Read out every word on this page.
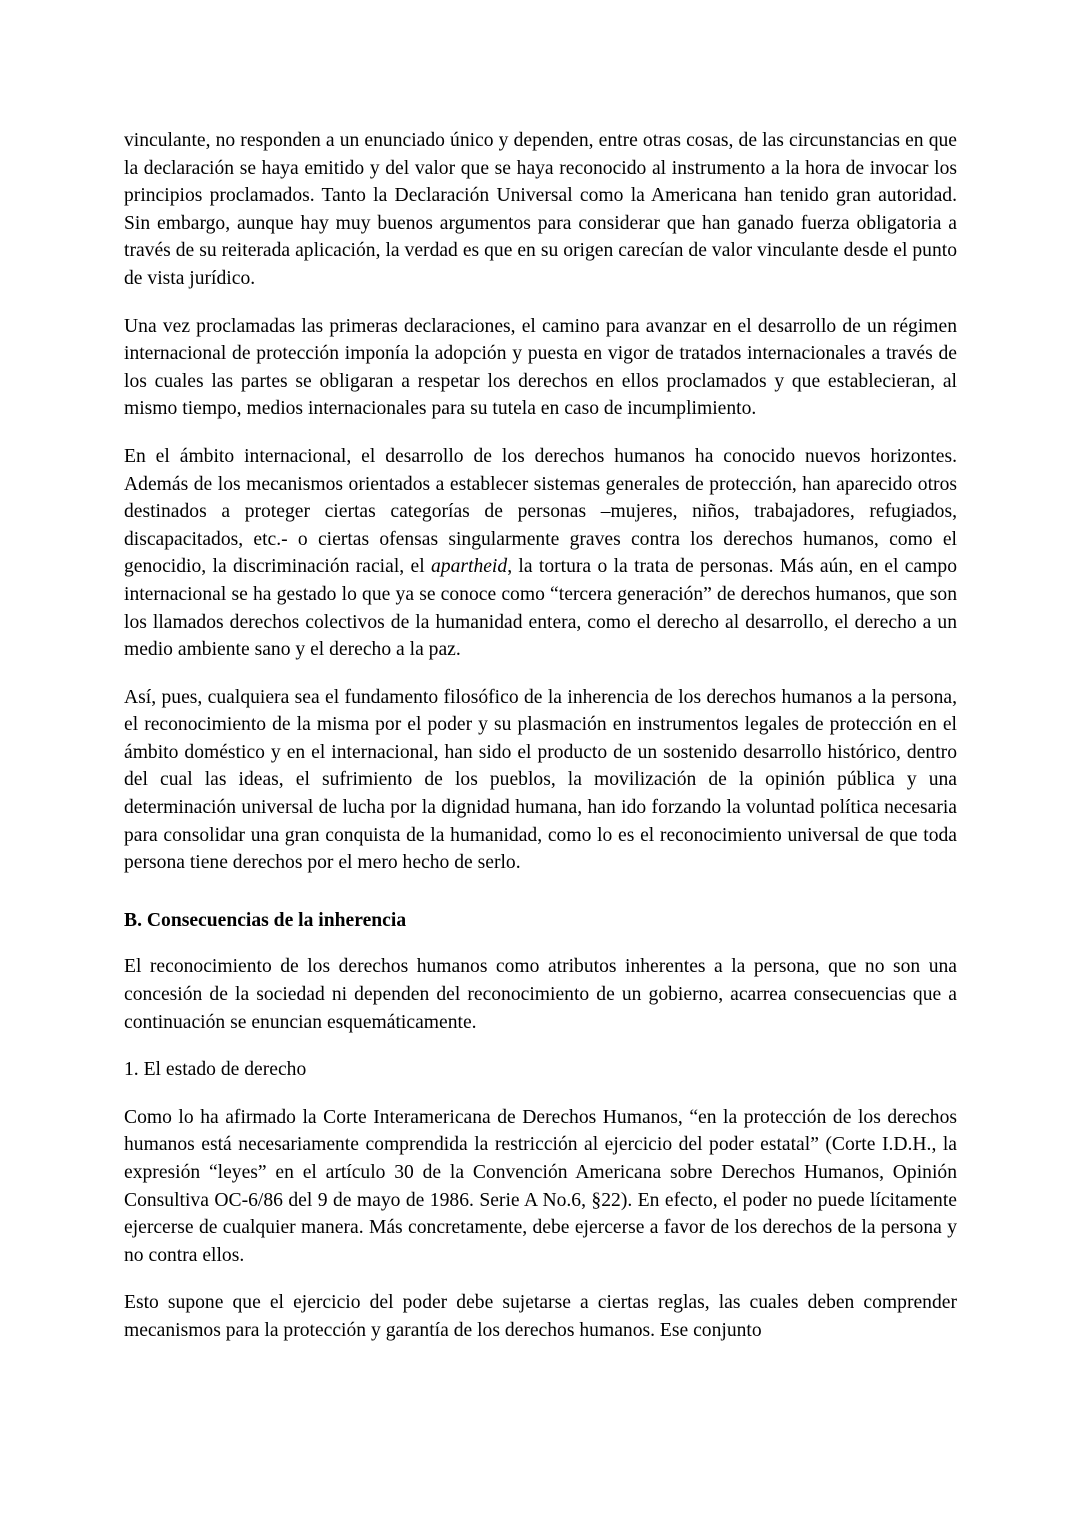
vinculante, no responden a un enunciado único y dependen, entre otras cosas, de las circunstancias en que la declaración se haya emitido y del valor que se haya reconocido al instrumento a la hora de invocar los principios proclamados. Tanto la Declaración Universal como la Americana han tenido gran autoridad. Sin embargo, aunque hay muy buenos argumentos para considerar que han ganado fuerza obligatoria a través de su reiterada aplicación, la verdad es que en su origen carecían de valor vinculante desde el punto de vista jurídico.

Una vez proclamadas las primeras declaraciones, el camino para avanzar en el desarrollo de un régimen internacional de protección imponía la adopción y puesta en vigor de tratados internacionales a través de los cuales las partes se obligaran a respetar los derechos en ellos proclamados y que establecieran, al mismo tiempo, medios internacionales para su tutela en caso de incumplimiento.

En el ámbito internacional, el desarrollo de los derechos humanos ha conocido nuevos horizontes. Además de los mecanismos orientados a establecer sistemas generales de protección, han aparecido otros destinados a proteger ciertas categorías de personas –mujeres, niños, trabajadores, refugiados, discapacitados, etc.- o ciertas ofensas singularmente graves contra los derechos humanos, como el genocidio, la discriminación racial, el apartheid, la tortura o la trata de personas. Más aún, en el campo internacional se ha gestado lo que ya se conoce como “tercera generación” de derechos humanos, que son los llamados derechos colectivos de la humanidad entera, como el derecho al desarrollo, el derecho a un medio ambiente sano y el derecho a la paz.

Así, pues, cualquiera sea el fundamento filosófico de la inherencia de los derechos humanos a la persona, el reconocimiento de la misma por el poder y su plasmación en instrumentos legales de protección en el ámbito doméstico y en el internacional, han sido el producto de un sostenido desarrollo histórico, dentro del cual las ideas, el sufrimiento de los pueblos, la movilización de la opinión pública y una determinación universal de lucha por la dignidad humana, han ido forzando la voluntad política necesaria para consolidar una gran conquista de la humanidad, como lo es el reconocimiento universal de que toda persona tiene derechos por el mero hecho de serlo.

B. Consecuencias de la inherencia

El reconocimiento de los derechos humanos como atributos inherentes a la persona, que no son una concesión de la sociedad ni dependen del reconocimiento de un gobierno, acarrea consecuencias que a continuación se enuncian esquemáticamente.

1. El estado de derecho

Como lo ha afirmado la Corte Interamericana de Derechos Humanos, “en la protección de los derechos humanos está necesariamente comprendida la restricción al ejercicio del poder estatal” (Corte I.D.H., la expresión “leyes” en el artículo 30 de la Convención Americana sobre Derechos Humanos, Opinión Consultiva OC-6/86 del 9 de mayo de 1986. Serie A No.6, §22). En efecto, el poder no puede lícitamente ejercerse de cualquier manera. Más concretamente, debe ejercerse a favor de los derechos de la persona y no contra ellos.

Esto supone que el ejercicio del poder debe sujetarse a ciertas reglas, las cuales deben comprender mecanismos para la protección y garantía de los derechos humanos. Ese conjunto
